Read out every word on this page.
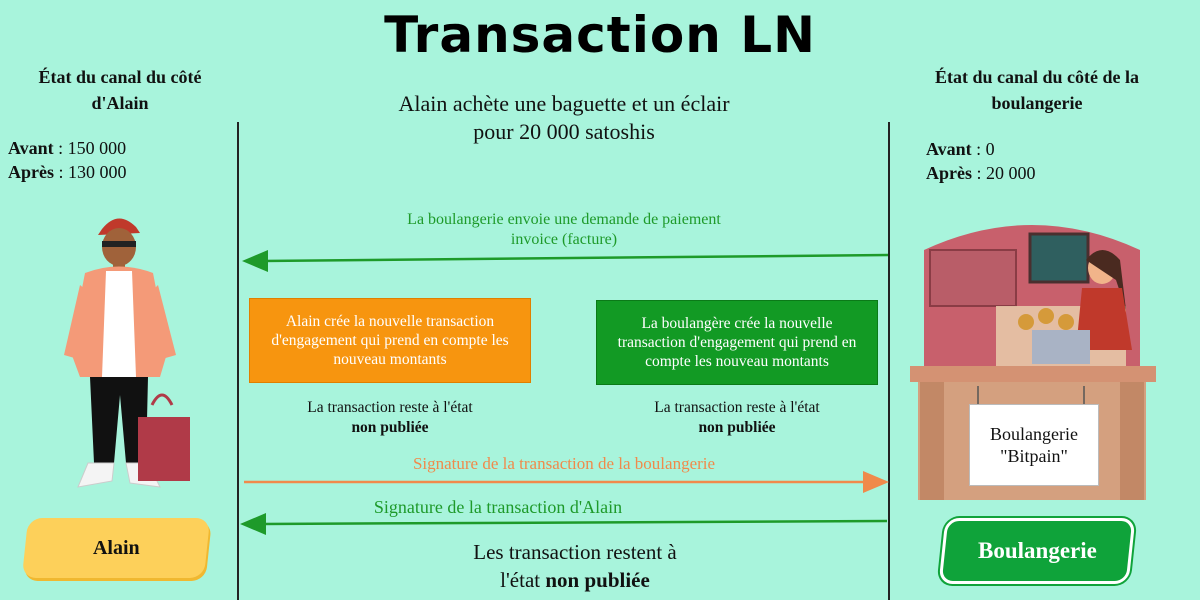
Transaction LN
État du canal du côté d'Alain
Avant : 150 000
Après : 130 000
État du canal du côté de la boulangerie
Avant : 0
Après : 20 000
Alain achète une baguette et un éclair
pour 20 000 satoshis
La boulangerie envoie une demande de paiement
invoice (facture)
Alain crée la nouvelle transaction d'engagement qui prend en compte les nouveau montants
La boulangère crée la nouvelle transaction d'engagement qui prend en compte les nouveau montants
La transaction reste à l'état
non publiée
La transaction reste à l'état
non publiée
Signature de la transaction de la boulangerie
Signature de la transaction d'Alain
Les transaction restent à
l'état non publiée
Boulangerie
"Bitpain"
Alain	Boulangerie
